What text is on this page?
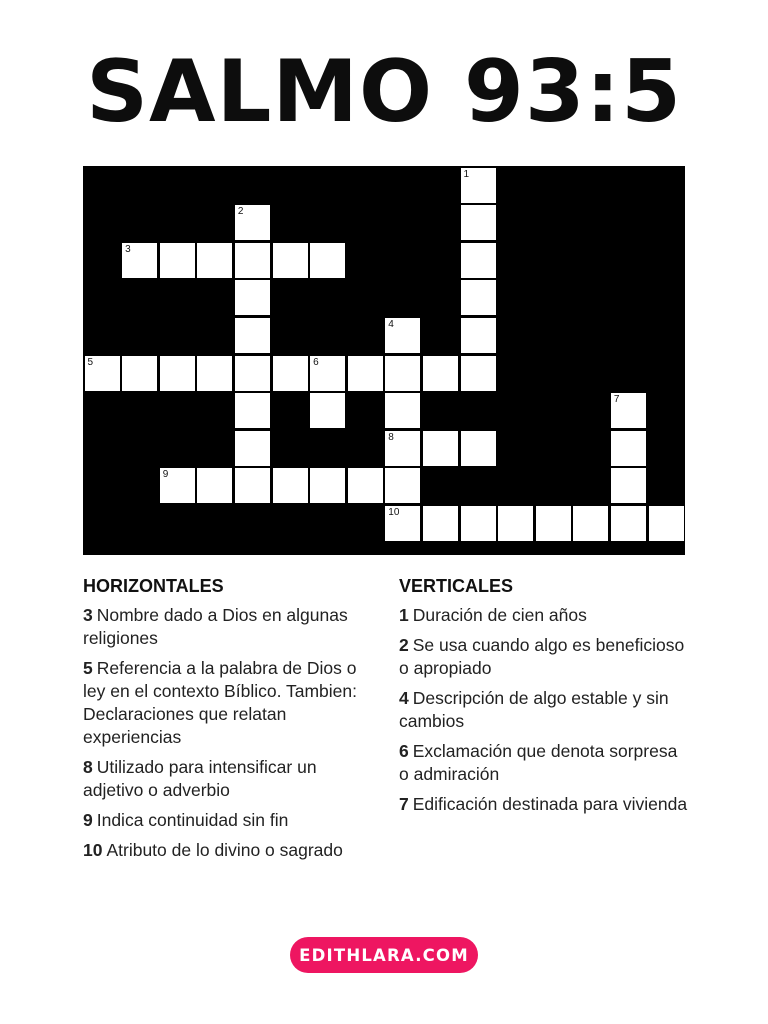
SALMO 93:5
1
2
3
4
5	6
7
8
9
10
HORIZONTALES
3 Nombre dado a Dios en algunas religiones
5 Referencia a la palabra de Dios o ley en el contexto Bíblico. Tambien: Declaraciones que relatan experiencias
8 Utilizado para intensificar un adjetivo o adverbio
9 Indica continuidad sin fin
10 Atributo de lo divino o sagrado
VERTICALES
1 Duración de cien años
2 Se usa cuando algo es beneficioso o apropiado
4 Descripción de algo estable y sin cambios
6 Exclamación que denota sorpresa o admiración
7 Edificación destinada para vivienda
EDITHLARA.COM
